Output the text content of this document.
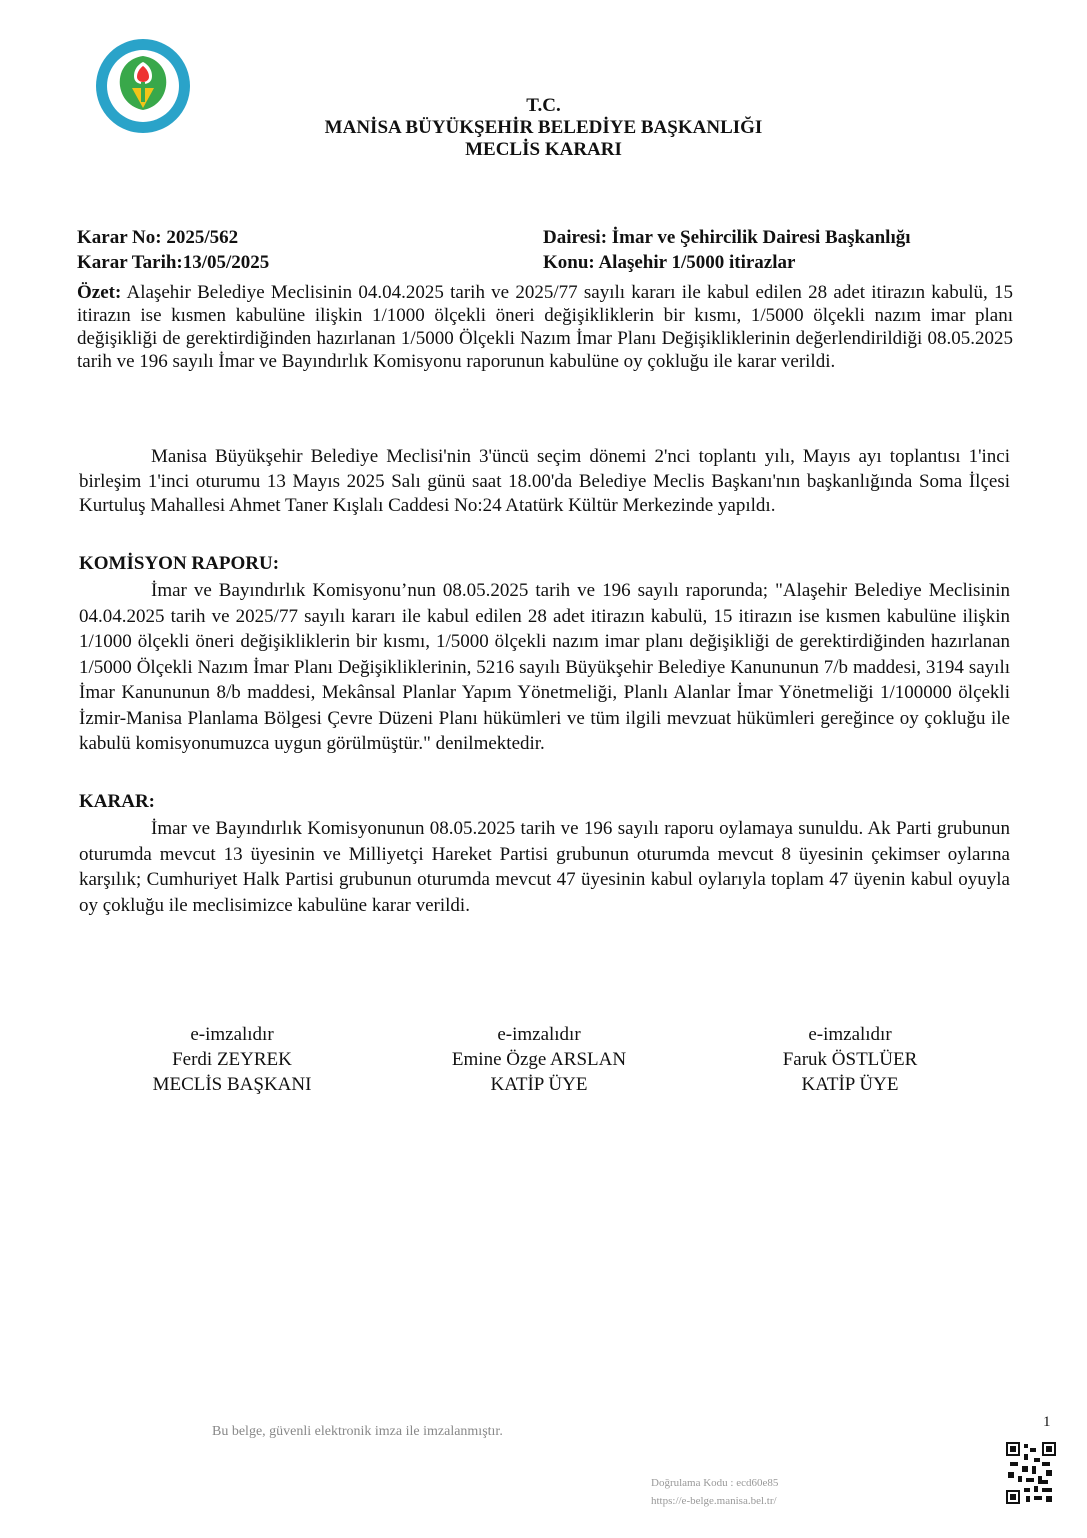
T.C.
MANİSA BÜYÜKŞEHİR BELEDİYE BAŞKANLIĞI
MECLİS KARARI
Karar No: 2025/562
Karar Tarih:13/05/2025
Dairesi: İmar ve Şehircilik Dairesi Başkanlığı
Konu: Alaşehir 1/5000 itirazlar
Özet: Alaşehir Belediye Meclisinin 04.04.2025 tarih ve 2025/77 sayılı kararı ile kabul edilen 28 adet itirazın kabulü, 15 itirazın ise kısmen kabulüne ilişkin 1/1000 ölçekli öneri değişikliklerin bir kısmı, 1/5000 ölçekli nazım imar planı değişikliği de gerektirdiğinden hazırlanan 1/5000 Ölçekli Nazım İmar Planı Değişikliklerinin değerlendirildiği 08.05.2025 tarih ve 196 sayılı İmar ve Bayındırlık Komisyonu raporunun kabulüne oy çokluğu ile karar verildi.
Manisa Büyükşehir Belediye Meclisi'nin 3'üncü seçim dönemi 2'nci toplantı yılı, Mayıs ayı toplantısı 1'inci birleşim 1'inci oturumu 13 Mayıs 2025 Salı günü saat 18.00'da Belediye Meclis Başkanı'nın başkanlığında Soma İlçesi Kurtuluş Mahallesi Ahmet Taner Kışlalı Caddesi No:24 Atatürk Kültür Merkezinde yapıldı.
KOMİSYON RAPORU:
İmar ve Bayındırlık Komisyonu’nun 08.05.2025 tarih ve 196 sayılı raporunda; "Alaşehir Belediye Meclisinin 04.04.2025 tarih ve 2025/77 sayılı kararı ile kabul edilen 28 adet itirazın kabulü, 15 itirazın ise kısmen kabulüne ilişkin 1/1000 ölçekli öneri değişikliklerin bir kısmı, 1/5000 ölçekli nazım imar planı değişikliği de gerektirdiğinden hazırlanan 1/5000 Ölçekli Nazım İmar Planı Değişikliklerinin, 5216 sayılı Büyükşehir Belediye Kanununun 7/b maddesi, 3194 sayılı İmar Kanununun 8/b maddesi, Mekânsal Planlar Yapım Yönetmeliği, Planlı Alanlar İmar Yönetmeliği 1/100000 ölçekli İzmir-Manisa Planlama Bölgesi Çevre Düzeni Planı hükümleri ve tüm ilgili mevzuat hükümleri gereğince oy çokluğu ile kabulü komisyonumuzca uygun görülmüştür." denilmektedir.
KARAR:
İmar ve Bayındırlık Komisyonunun 08.05.2025 tarih ve 196 sayılı raporu oylamaya sunuldu. Ak Parti grubunun oturumda mevcut 13 üyesinin ve Milliyetçi Hareket Partisi grubunun oturumda mevcut 8 üyesinin çekimser oylarına karşılık; Cumhuriyet Halk Partisi grubunun oturumda mevcut 47 üyesinin kabul oylarıyla toplam 47 üyenin kabul oyuyla oy çokluğu ile meclisimizce kabulüne karar verildi.
e-imzalıdır
Ferdi ZEYREK
MECLİS BAŞKANI
e-imzalıdır
Emine Özge ARSLAN
KATİP ÜYE
e-imzalıdır
Faruk ÖSTLÜER
KATİP ÜYE
Bu belge, güvenli elektronik imza ile imzalanmıştır.
1
Doğrulama Kodu : ecd60e85
https://e-belge.manisa.bel.tr/
